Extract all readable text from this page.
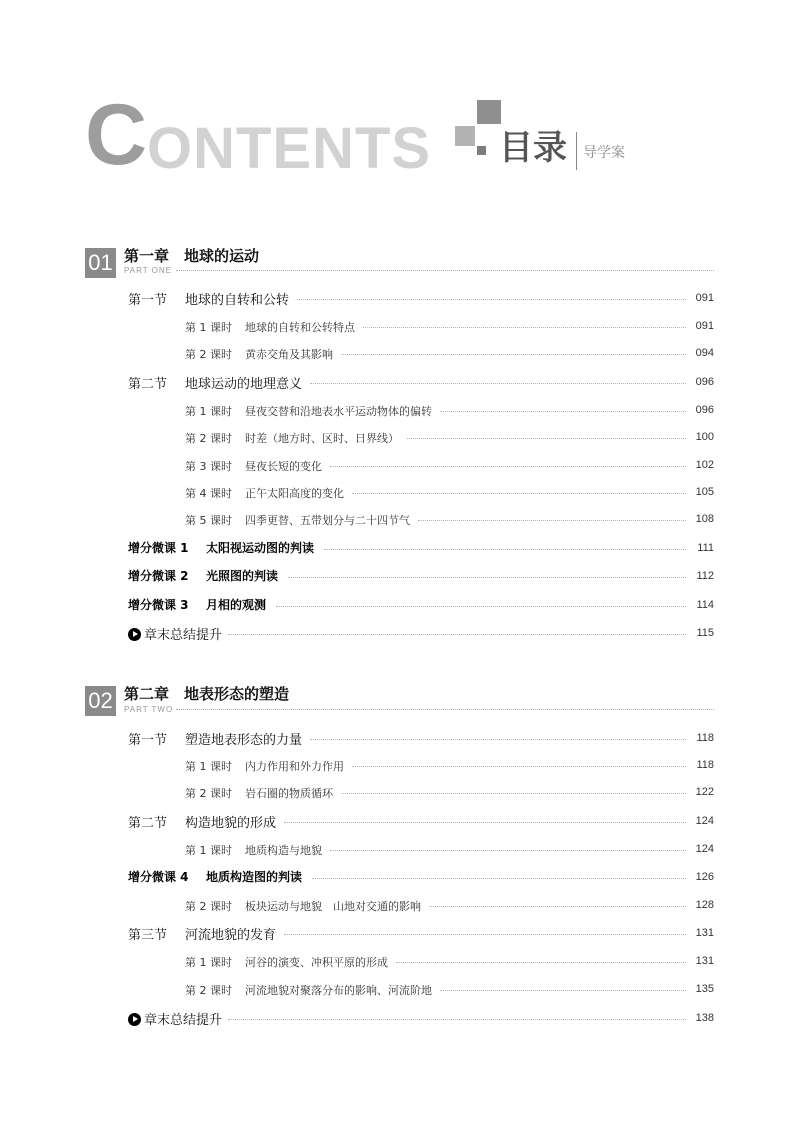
C ONTENTS 目录 导学案
01 第一章　地球的运动
PART ONE
02 第二章　地表形态的塑造
PART TWO
第一节 地球的自转和公转	091
第 1 课时 地球的自转和公转特点	091
第 2 课时 黄赤交角及其影响	094
第二节 地球运动的地理意义	096
第 1 课时 昼夜交替和沿地表水平运动物体的偏转	096
第 2 课时 时差（地方时、区时、日界线）	100
第 3 课时 昼夜长短的变化	102
第 4 课时 正午太阳高度的变化	105
第 5 课时 四季更替、五带划分与二十四节气	108
增分微课 1 太阳视运动图的判读	111
增分微课 2 光照图的判读	112
增分微课 3 月相的观测	114
章末总结提升	115
第一节 塑造地表形态的力量	118
第 1 课时 内力作用和外力作用	118
第 2 课时 岩石圈的物质循环	122
第二节 构造地貌的形成	124
第 1 课时 地质构造与地貌	124
增分微课 4 地质构造图的判读	126
第 2 课时 板块运动与地貌　山地对交通的影响	128
第三节 河流地貌的发育	131
第 1 课时 河谷的演变、冲积平原的形成	131
第 2 课时 河流地貌对聚落分布的影响、河流阶地	135
章末总结提升	138
